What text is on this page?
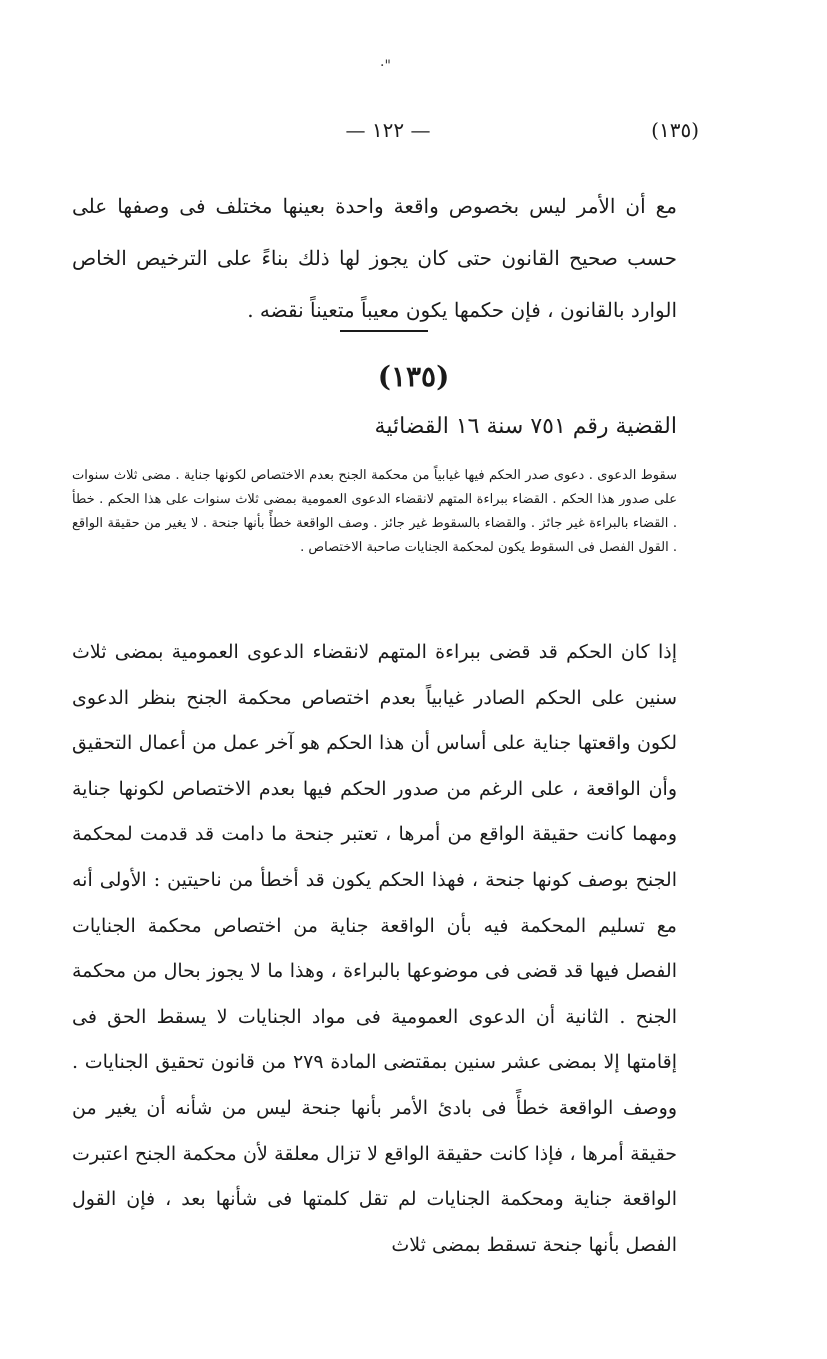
·"
— ١٢٢ —	(١٣٥)
مع أن الأمر ليس بخصوص واقعة واحدة بعينها مختلف فى وصفها على حسب صحيح القانون حتى كان يجوز لها ذلك بناءً على الترخيص الخاص الوارد بالقانون ، فإن حكمها يكون معيباً متعيناً نقضه .
(١٣٥)
القضية رقم ٧٥١ سنة ١٦ القضائية
سقوط الدعوى . دعوى صدر الحكم فيها غيابياً من محكمة الجنح بعدم الاختصاص لكونها جناية . مضى ثلاث سنوات على صدور هذا الحكم . القضاء ببراءة المتهم لانقضاء الدعوى العمومية بمضى ثلاث سنوات على هذا الحكم . خطأ . القضاء بالبراءة غير جائز . والقضاء بالسقوط غير جائز . وصف الواقعة خطأً بأنها جنحة . لا يغير من حقيقة الواقع . القول الفصل فى السقوط يكون لمحكمة الجنايات صاحبة الاختصاص .
إذا كان الحكم قد قضى ببراءة المتهم لانقضاء الدعوى العمومية بمضى ثلاث سنين على الحكم الصادر غيابياً بعدم اختصاص محكمة الجنح بنظر الدعوى لكون واقعتها جناية على أساس أن هذا الحكم هو آخر عمل من أعمال التحقيق وأن الواقعة ، على الرغم من صدور الحكم فيها بعدم الاختصاص لكونها جناية ومهما كانت حقيقة الواقع من أمرها ، تعتبر جنحة ما دامت قد قدمت لمحكمة الجنح بوصف كونها جنحة ، فهذا الحكم يكون قد أخطأ من ناحيتين : الأولى أنه مع تسليم المحكمة فيه بأن الواقعة جناية من اختصاص محكمة الجنايات الفصل فيها قد قضى فى موضوعها بالبراءة ، وهذا ما لا يجوز بحال من محكمة الجنح . الثانية أن الدعوى العمومية فى مواد الجنايات لا يسقط الحق فى إقامتها إلا بمضى عشر سنين بمقتضى المادة ٢٧٩ من قانون تحقيق الجنايات . ووصف الواقعة خطأً فى بادئ الأمر بأنها جنحة ليس من شأنه أن يغير من حقيقة أمرها ، فإذا كانت حقيقة الواقع لا تزال معلقة لأن محكمة الجنح اعتبرت الواقعة جناية ومحكمة الجنايات لم تقل كلمتها فى شأنها بعد ، فإن القول الفصل بأنها جنحة تسقط بمضى ثلاث
